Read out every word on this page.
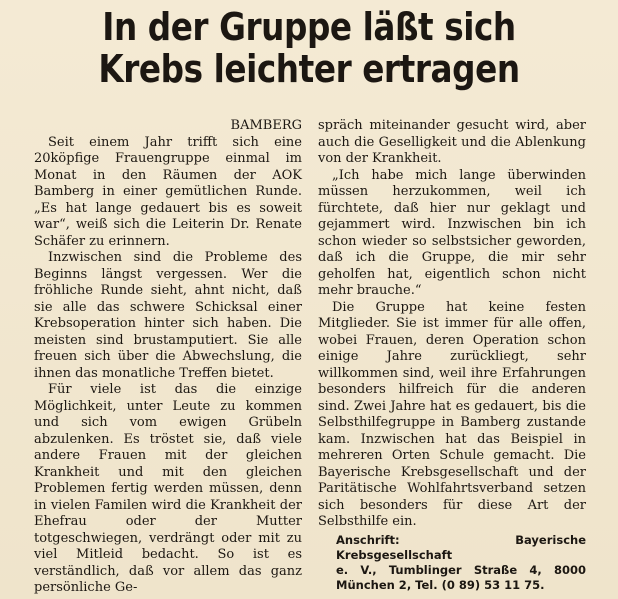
In der Gruppe läßt sich
Krebs leichter ertragen

BAMBERG

Seit einem Jahr trifft sich eine 20köpfige Frauengruppe einmal im Monat in den Räumen der AOK Bamberg in einer gemütlichen Runde. „Es hat lange gedauert bis es soweit war“, weiß sich die Leiterin Dr. Renate Schäfer zu erinnern.

Inzwischen sind die Probleme des Beginns längst vergessen. Wer die fröhliche Runde sieht, ahnt nicht, daß sie alle das schwere Schicksal einer Krebsoperation hinter sich haben. Die meisten sind brustamputiert. Sie alle freuen sich über die Abwechslung, die ihnen das monatliche Treffen bietet.

Für viele ist das die einzige Möglichkeit, unter Leute zu kommen und sich vom ewigen Grübeln abzulenken. Es tröstet sie, daß viele andere Frauen mit der gleichen Krankheit und mit den gleichen Problemen fertig werden müssen, denn in vielen Familen wird die Krankheit der Ehefrau oder der Mutter totgeschwiegen, verdrängt oder mit zu viel Mitleid bedacht. So ist es verständlich, daß vor allem das ganz persönliche Ge-

spräch miteinander gesucht wird, aber auch die Geselligkeit und die Ablenkung von der Krankheit.

„Ich habe mich lange überwinden müssen herzukommen, weil ich fürchtete, daß hier nur geklagt und gejammert wird. Inzwischen bin ich schon wieder so selbstsicher geworden, daß ich die Gruppe, die mir sehr geholfen hat, eigentlich schon nicht mehr brauche.“

Die Gruppe hat keine festen Mitglieder. Sie ist immer für alle offen, wobei Frauen, deren Operation schon einige Jahre zurückliegt, sehr willkommen sind, weil ihre Erfahrungen besonders hilfreich für die anderen sind. Zwei Jahre hat es gedauert, bis die Selbsthilfegruppe in Bamberg zustande kam. Inzwischen hat das Beispiel in mehreren Orten Schule gemacht. Die Bayerische Krebsgesellschaft und der Paritätische Wohlfahrtsverband setzen sich besonders für diese Art der Selbsthilfe ein.

Anschrift: Bayerische Krebsgesellschaft
e. V., Tumblinger Straße 4, 8000 München 2, Tel. (0 89) 53 11 75.
